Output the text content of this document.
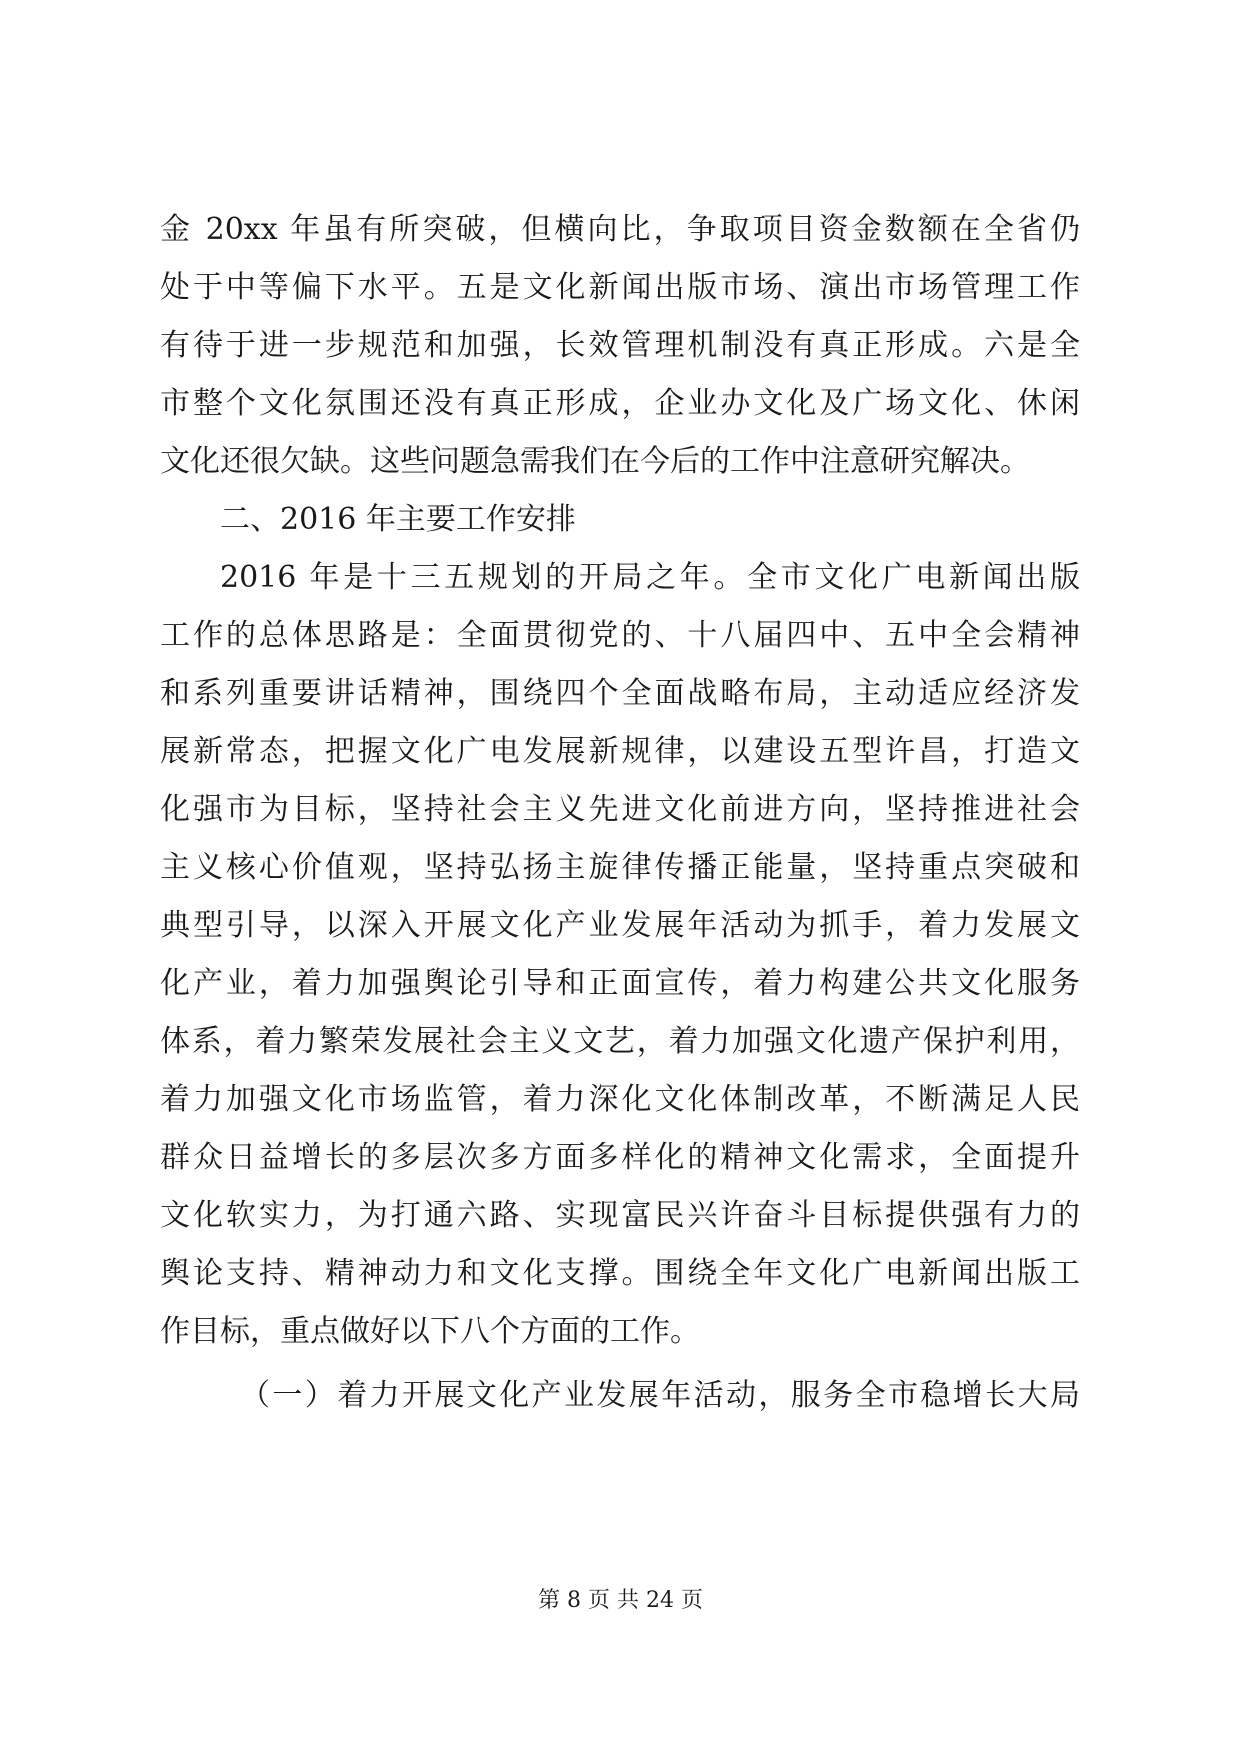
金 20xx 年虽有所突破，但横向比，争取项目资金数额在全省仍

处于中等偏下水平。五是文化新闻出版市场、演出市场管理工作

有待于进一步规范和加强，长效管理机制没有真正形成。六是全

市整个文化氛围还没有真正形成，企业办文化及广场文化、休闲

文化还很欠缺。这些问题急需我们在今后的工作中注意研究解决。

二、2016 年主要工作安排

2016 年是十三五规划的开局之年。全市文化广电新闻出版

工作的总体思路是：全面贯彻党的、十八届四中、五中全会精神

和系列重要讲话精神，围绕四个全面战略布局，主动适应经济发

展新常态，把握文化广电发展新规律，以建设五型许昌，打造文

化强市为目标，坚持社会主义先进文化前进方向，坚持推进社会

主义核心价值观，坚持弘扬主旋律传播正能量，坚持重点突破和

典型引导，以深入开展文化产业发展年活动为抓手，着力发展文

化产业，着力加强舆论引导和正面宣传，着力构建公共文化服务

体系，着力繁荣发展社会主义文艺，着力加强文化遗产保护利用，

着力加强文化市场监管，着力深化文化体制改革，不断满足人民

群众日益增长的多层次多方面多样化的精神文化需求，全面提升

文化软实力，为打通六路、实现富民兴许奋斗目标提供强有力的

舆论支持、精神动力和文化支撑。围绕全年文化广电新闻出版工

作目标，重点做好以下八个方面的工作。

（一）着力开展文化产业发展年活动，服务全市稳增长大局

第 8 页 共 24 页
